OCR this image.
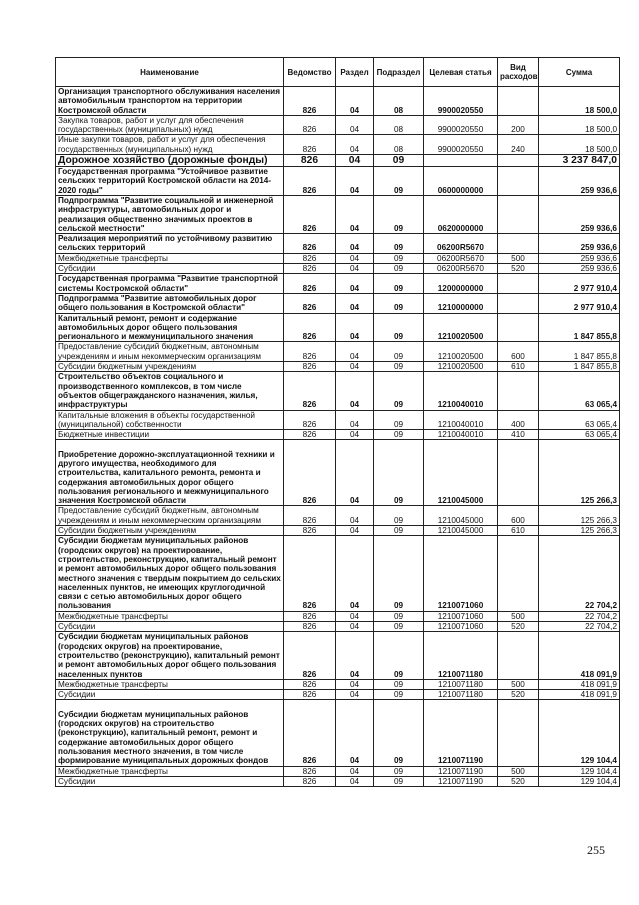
Наименование	Ведомство	Раздел	Подраздел	Целевая статья	Вид расходов	Сумма
Организация транспортного обслуживания населения автомобильным транспортом на территории Костромской области	826	04	08	9900020550		18 500,0
Закупка товаров, работ и услуг для обеспечения государственных (муниципальных) нужд	826	04	08	9900020550	200	18 500,0
Иные закупки товаров, работ и услуг для обеспечения государственных (муниципальных) нужд	826	04	08	9900020550	240	18 500,0
Дорожное хозяйство (дорожные фонды)	826	04	09			3 237 847,0
Государственная программа "Устойчивое развитие сельских территорий Костромской области на 2014-2020 годы"	826	04	09	0600000000		259 936,6
Подпрограмма "Развитие социальной и инженерной инфраструктуры, автомобильных дорог и реализация общественно значимых проектов в сельской местности"	826	04	09	0620000000		259 936,6
Реализация мероприятий по устойчивому развитию сельских территорий	826	04	09	06200R5670		259 936,6
Межбюджетные трансферты	826	04	09	06200R5670	500	259 936,6
Субсидии	826	04	09	06200R5670	520	259 936,6
Государственная программа "Развитие транспортной системы Костромской области"	826	04	09	1200000000		2 977 910,4
Подпрограмма "Развитие автомобильных дорог общего пользования в Костромской области"	826	04	09	1210000000		2 977 910,4
Капитальный ремонт, ремонт и содержание автомобильных дорог общего пользования регионального и межмуниципального значения	826	04	09	1210020500		1 847 855,8
Предоставление субсидий бюджетным, автономным учреждениям и иным некоммерческим организациям	826	04	09	1210020500	600	1 847 855,8
Субсидии бюджетным учреждениям	826	04	09	1210020500	610	1 847 855,8
Строительство объектов социального и производственного комплексов, в том числе объектов общегражданского назначения, жилья, инфраструктуры	826	04	09	1210040010		63 065,4
Капитальные вложения в объекты государственной (муниципальной) собственности	826	04	09	1210040010	400	63 065,4
Бюджетные инвестиции	826	04	09	1210040010	410	63 065,4
Приобретение дорожно-эксплуатационной техники и другого имущества, необходимого для строительства, капитального ремонта, ремонта и содержания автомобильных дорог общего пользования регионального и межмуниципального значения Костромской области	826	04	09	1210045000		125 266,3
Предоставление субсидий бюджетным, автономным учреждениям и иным некоммерческим организациям	826	04	09	1210045000	600	125 266,3
Субсидии бюджетным учреждениям	826	04	09	1210045000	610	125 266,3
Субсидии бюджетам муниципальных районов (городских округов) на проектирование, строительство, реконструкцию, капитальный ремонт и ремонт автомобильных дорог общего пользования местного значения с твердым покрытием до сельских населенных пунктов, не имеющих круглогодичной связи с сетью автомобильных дорог общего пользования	826	04	09	1210071060		22 704,2
Межбюджетные трансферты	826	04	09	1210071060	500	22 704,2
Субсидии	826	04	09	1210071060	520	22 704,2
Субсидии бюджетам муниципальных районов (городских округов) на проектирование, строительство (реконструкцию), капитальный ремонт и ремонт автомобильных дорог общего пользования населенных пунктов	826	04	09	1210071180		418 091,9
Межбюджетные трансферты	826	04	09	1210071180	500	418 091,9
Субсидии	826	04	09	1210071180	520	418 091,9
Субсидии бюджетам муниципальных районов (городских округов) на строительство (реконструкцию), капитальный ремонт, ремонт и содержание автомобильных дорог общего пользования местного значения, в том числе формирование муниципальных дорожных фондов	826	04	09	1210071190		129 104,4
Межбюджетные трансферты	826	04	09	1210071190	500	129 104,4
Субсидии	826	04	09	1210071190	520	129 104,4
255
